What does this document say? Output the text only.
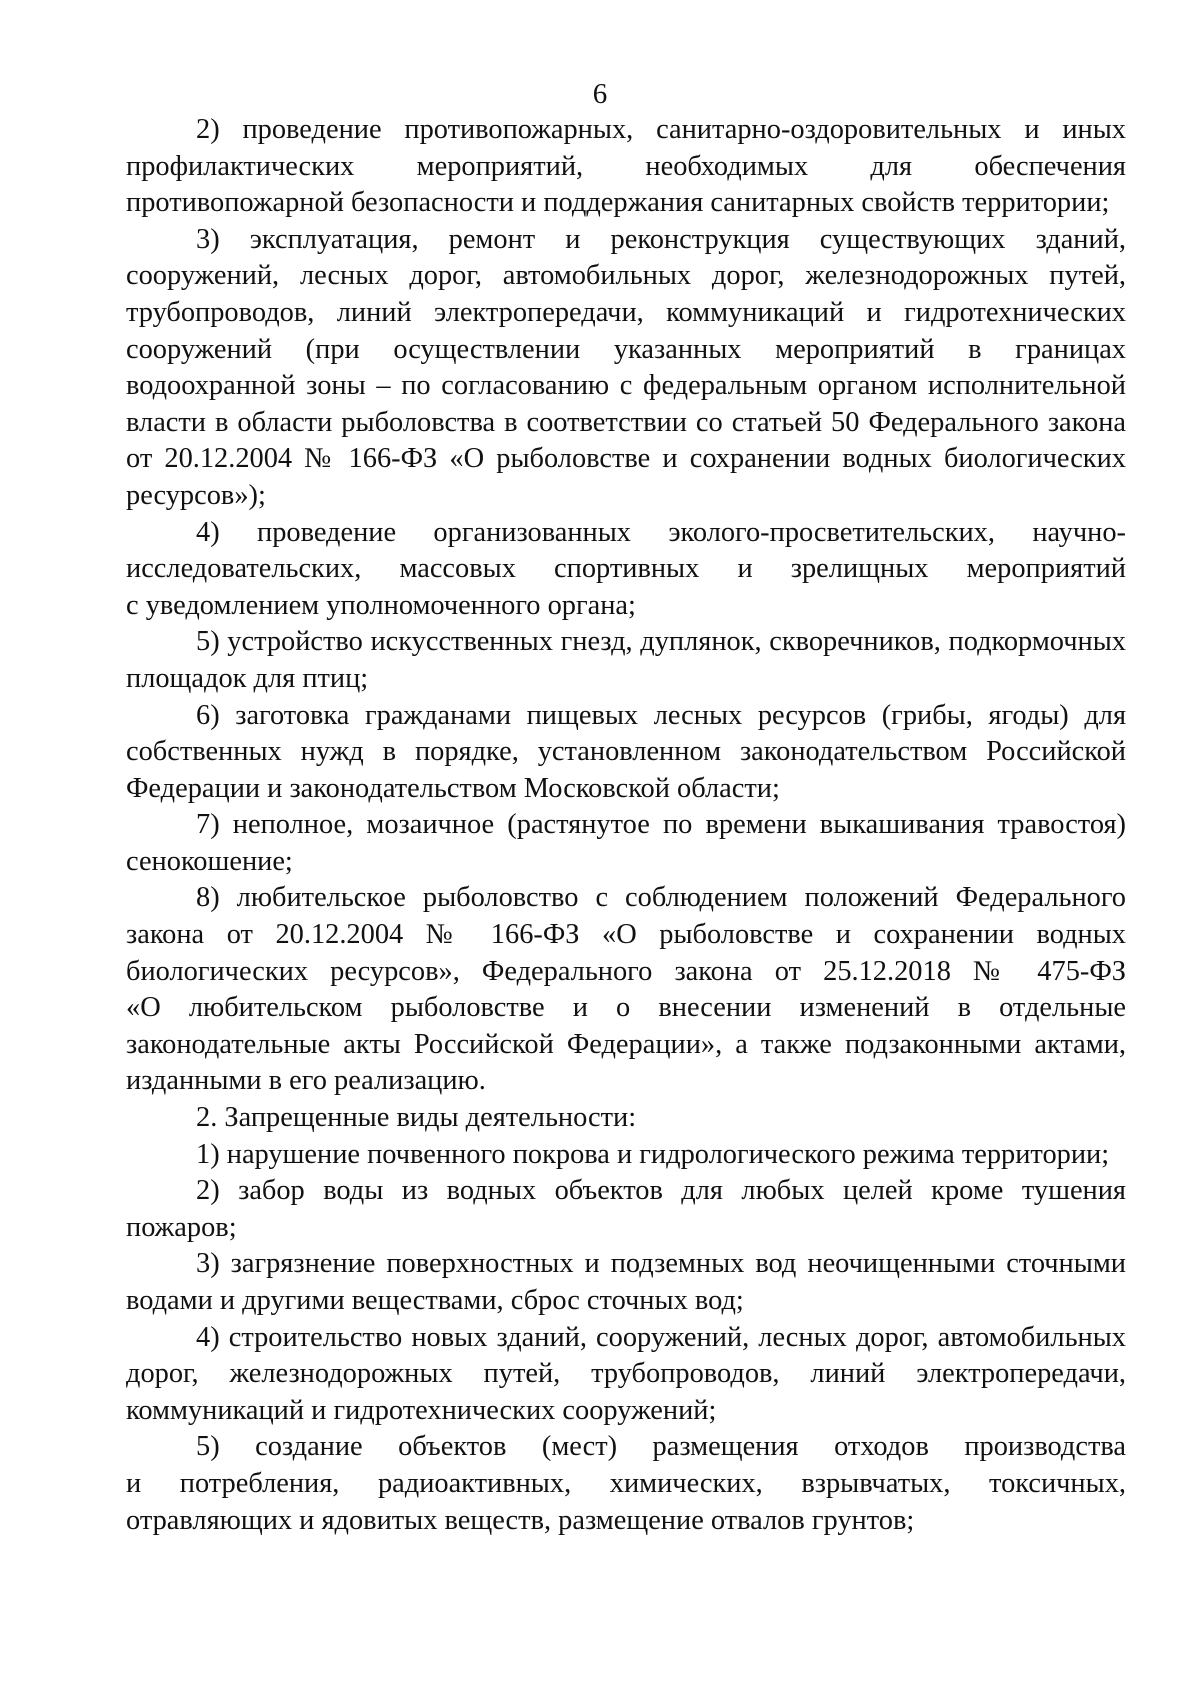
6
2) проведение противопожарных, санитарно-оздоровительных и иных
профилактических мероприятий, необходимых для обеспечения
противопожарной безопасности и поддержания санитарных свойств территории;
3) эксплуатация, ремонт и реконструкция существующих зданий,
сооружений, лесных дорог, автомобильных дорог, железнодорожных путей,
трубопроводов, линий электропередачи, коммуникаций и гидротехнических
сооружений (при осуществлении указанных мероприятий в границах
водоохранной зоны – по согласованию с федеральным органом исполнительной
власти в области рыболовства в соответствии со статьей 50 Федерального закона
от 20.12.2004 № 166-ФЗ «О рыболовстве и сохранении водных биологических
ресурсов»);
4) проведение организованных эколого-просветительских, научно-
исследовательских, массовых спортивных и зрелищных мероприятий
с уведомлением уполномоченного органа;
5) устройство искусственных гнезд, дуплянок, скворечников, подкормочных
площадок для птиц;
6) заготовка гражданами пищевых лесных ресурсов (грибы, ягоды) для
собственных нужд в порядке, установленном законодательством Российской
Федерации и законодательством Московской области;
7) неполное, мозаичное (растянутое по времени выкашивания травостоя)
сенокошение;
8) любительское рыболовство с соблюдением положений Федерального
закона от 20.12.2004 № 166-ФЗ «О рыболовстве и сохранении водных
биологических ресурсов», Федерального закона от 25.12.2018 № 475-ФЗ
«О любительском рыболовстве и о внесении изменений в отдельные
законодательные акты Российской Федерации», а также подзаконными актами,
изданными в его реализацию.
2. Запрещенные виды деятельности:
1) нарушение почвенного покрова и гидрологического режима территории;
2) забор воды из водных объектов для любых целей кроме тушения
пожаров;
3) загрязнение поверхностных и подземных вод неочищенными сточными
водами и другими веществами, сброс сточных вод;
4) строительство новых зданий, сооружений, лесных дорог, автомобильных
дорог, железнодорожных путей, трубопроводов, линий электропередачи,
коммуникаций и гидротехнических сооружений;
5) создание объектов (мест) размещения отходов производства
и потребления, радиоактивных, химических, взрывчатых, токсичных,
отравляющих и ядовитых веществ, размещение отвалов грунтов;
